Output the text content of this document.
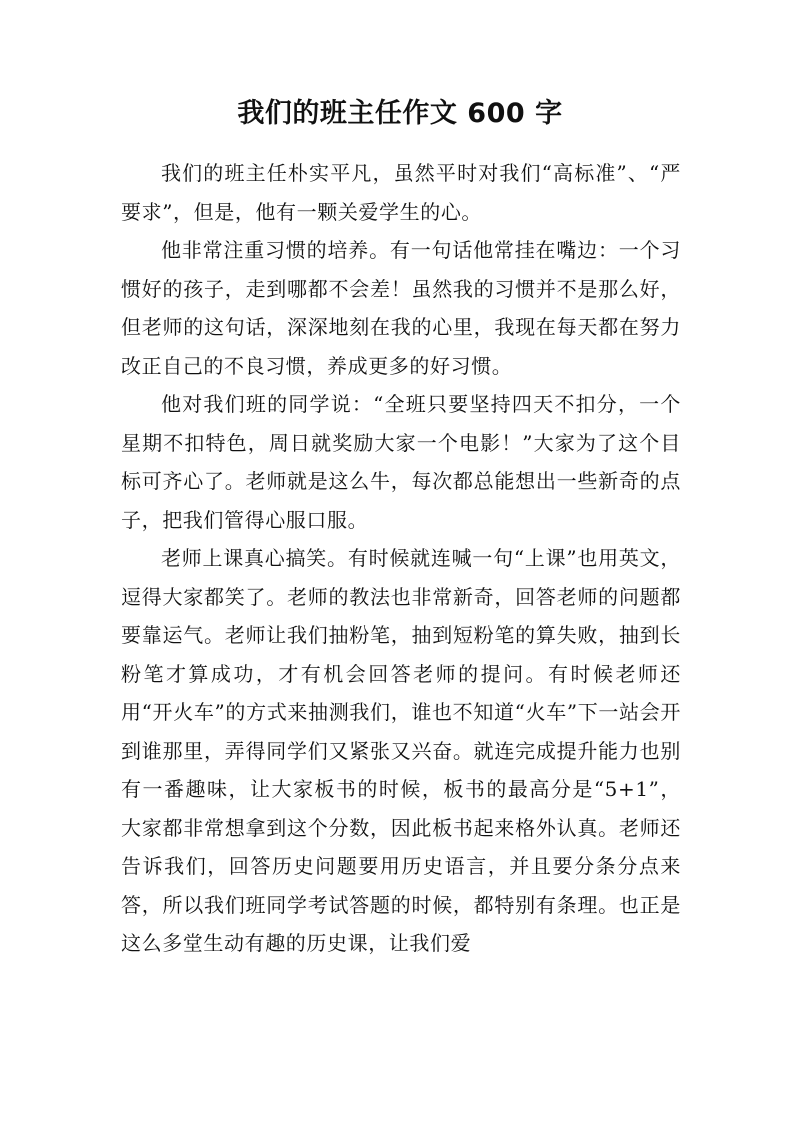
我们的班主任作文 600 字

我们的班主任朴实平凡，虽然平时对我们“高标准”、“严要求”，但是，他有一颗关爱学生的心。

他非常注重习惯的培养。有一句话他常挂在嘴边：一个习惯好的孩子，走到哪都不会差！虽然我的习惯并不是那么好，但老师的这句话，深深地刻在我的心里，我现在每天都在努力改正自己的不良习惯，养成更多的好习惯。

他对我们班的同学说：“全班只要坚持四天不扣分，一个星期不扣特色，周日就奖励大家一个电影！”大家为了这个目标可齐心了。老师就是这么牛，每次都总能想出一些新奇的点子，把我们管得心服口服。

老师上课真心搞笑。有时候就连喊一句“上课”也用英文，逗得大家都笑了。老师的教法也非常新奇，回答老师的问题都要靠运气。老师让我们抽粉笔，抽到短粉笔的算失败，抽到长粉笔才算成功，才有机会回答老师的提问。有时候老师还用“开火车”的方式来抽测我们，谁也不知道“火车”下一站会开到谁那里，弄得同学们又紧张又兴奋。就连完成提升能力也别有一番趣味，让大家板书的时候，板书的最高分是“5+1”，大家都非常想拿到这个分数，因此板书起来格外认真。老师还告诉我们，回答历史问题要用历史语言，并且要分条分点来答，所以我们班同学考试答题的时候，都特别有条理。也正是这么多堂生动有趣的历史课，让我们爱
